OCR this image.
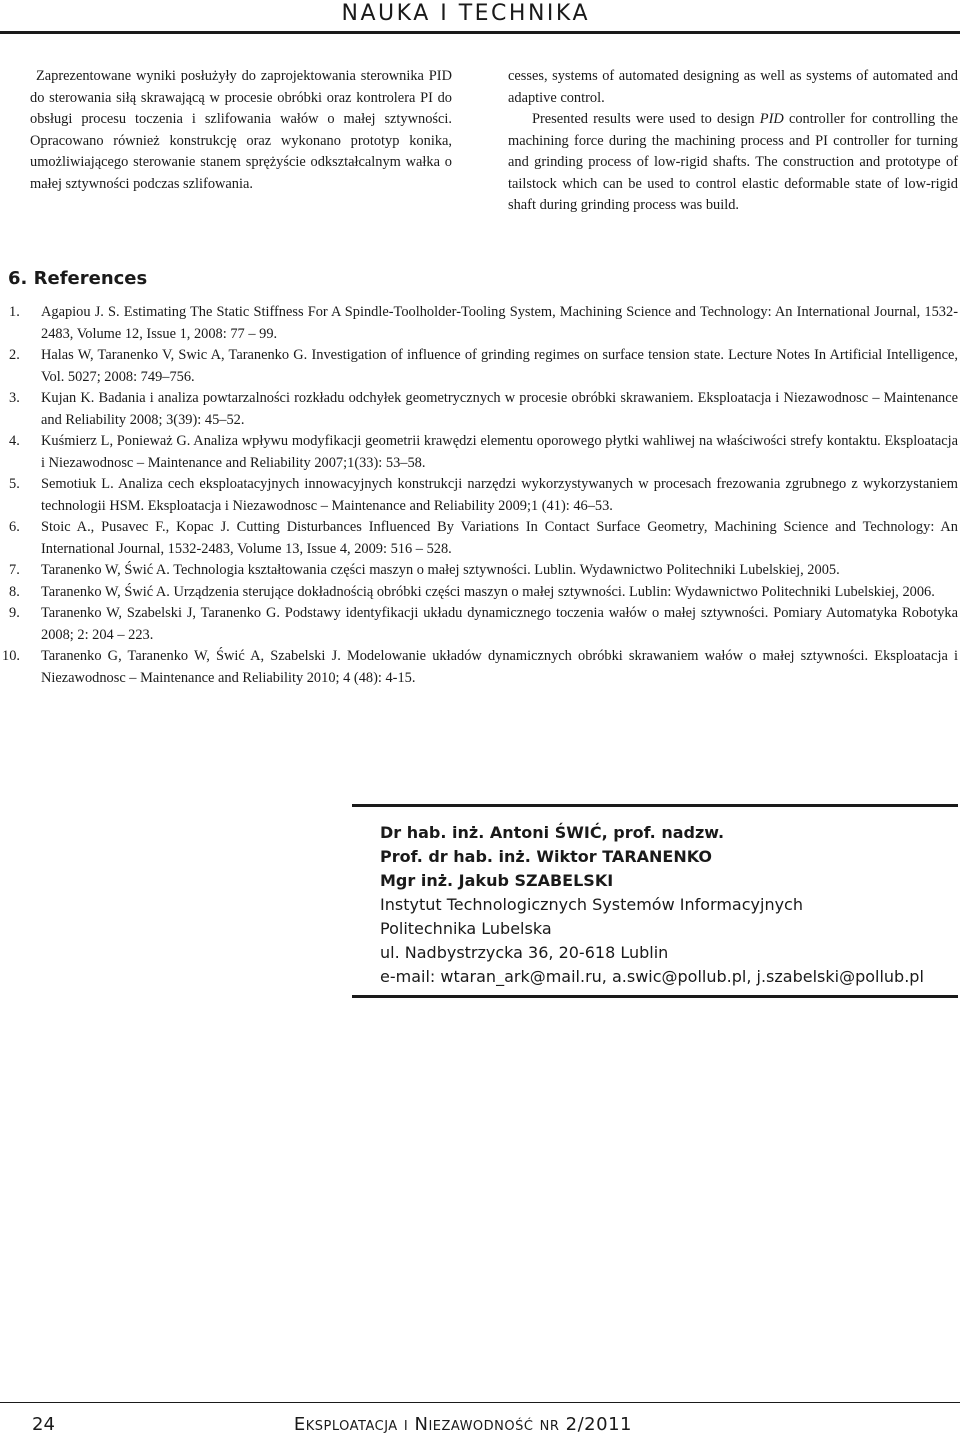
NAUKA I TECHNIKA

Zaprezentowane wyniki posłużyły do zaprojektowania sterownika PID do sterowania siłą skrawającą w procesie obróbki oraz kontrolera PI do obsługi procesu toczenia i szlifowania wałów o małej sztywności. Opracowano również konstrukcję oraz wykonano prototyp konika, umożliwiającego sterowanie stanem sprężyście odkształcalnym wałka o małej sztywności podczas szlifowania.

cesses, systems of automated designing as well as systems of automated and adaptive control.

Presented results were used to design PID controller for controlling the machining force during the machining process and PI controller for turning and grinding process of low-rigid shafts. The construction and prototype of tailstock which can be used to control elastic deformable state of low-rigid shaft during grinding process was build.

6. References
1.	Agapiou J. S. Estimating The Static Stiffness For A Spindle-Toolholder-Tooling System, Machining Science and Technology: An International Journal, 1532-2483, Volume 12, Issue 1, 2008: 77 – 99.
2.	Halas W, Taranenko V, Swic A, Taranenko G. Investigation of influence of grinding regimes on surface tension state. Lecture Notes In Artificial Intelligence, Vol. 5027; 2008: 749–756.
3.	Kujan K. Badania i analiza powtarzalności rozkładu odchyłek geometrycznych w procesie obróbki skrawaniem. Eksploatacja i Niezawodnosc – Maintenance and Reliability 2008; 3(39): 45–52.
4.	Kuśmierz L, Ponieważ G. Analiza wpływu modyfikacji geometrii krawędzi elementu oporowego płytki wahliwej na właściwości strefy kontaktu. Eksploatacja i Niezawodnosc – Maintenance and Reliability 2007;1(33): 53–58.
5.	Semotiuk L. Analiza cech eksploatacyjnych innowacyjnych konstrukcji narzędzi wykorzystywanych w procesach frezowania zgrubnego z wykorzystaniem technologii HSM. Eksploatacja i Niezawodnosc – Maintenance and Reliability 2009;1 (41): 46–53.
6.	Stoic A., Pusavec F., Kopac J. Cutting Disturbances Influenced By Variations In Contact Surface Geometry, Machining Science and Technology: An International Journal, 1532-2483, Volume 13, Issue 4, 2009: 516 – 528.
7.	Taranenko W, Świć A. Technologia kształtowania części maszyn o małej sztywności. Lublin. Wydawnictwo Politechniki Lubelskiej, 2005.
8.	Taranenko W, Świć A. Urządzenia sterujące dokładnością obróbki części maszyn o małej sztywności. Lublin: Wydawnictwo Politechniki Lubelskiej, 2006.
9.	Taranenko W, Szabelski J, Taranenko G. Podstawy identyfikacji układu dynamicznego toczenia wałów o małej sztywności. Pomiary Automatyka Robotyka 2008; 2: 204 – 223.
10.	Taranenko G, Taranenko W, Świć A, Szabelski J. Modelowanie układów dynamicznych obróbki skrawaniem wałów o małej sztywności. Eksploatacja i Niezawodnosc – Maintenance and Reliability 2010; 4 (48): 4-15.
Dr hab. inż. Antoni ŚWIĆ, prof. nadzw.
Prof. dr hab. inż. Wiktor TARANENKO
Mgr inż. Jakub SZABELSKI
Instytut Technologicznych Systemów Informacyjnych
Politechnika Lubelska
ul. Nadbystrzycka 36, 20-618 Lublin
e-mail: wtaran_ark@mail.ru, a.swic@pollub.pl, j.szabelski@pollub.pl
24	Eksploatacja i Niezawodność nr 2/2011
